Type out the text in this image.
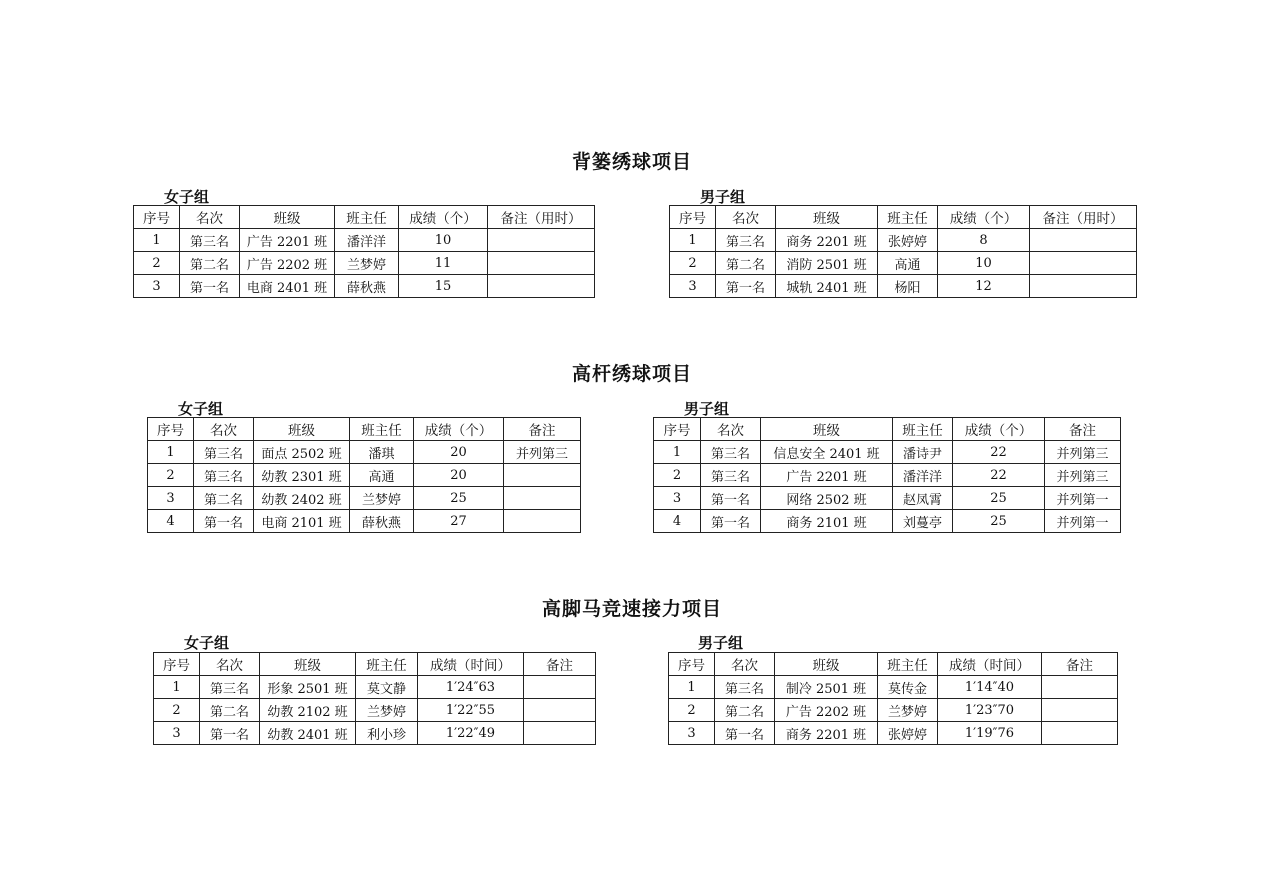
背篓绣球项目
女子组
序号	名次	班级	班主任	成绩（个）	备注（用时）
1	第三名	广告 2201 班	潘洋洋	10	
2	第二名	广告 2202 班	兰梦婷	11	
3	第一名	电商 2401 班	薛秋燕	15	
男子组
序号	名次	班级	班主任	成绩（个）	备注（用时）
1	第三名	商务 2201 班	张婷婷	8	
2	第二名	消防 2501 班	高通	10	
3	第一名	城轨 2401 班	杨阳	12	
高杆绣球项目
女子组
序号	名次	班级	班主任	成绩（个）	备注
1	第三名	面点 2502 班	潘琪	20	并列第三
2	第三名	幼教 2301 班	高通	20	
3	第二名	幼教 2402 班	兰梦婷	25	
4	第一名	电商 2101 班	薛秋燕	27	
男子组
序号	名次	班级	班主任	成绩（个）	备注
1	第三名	信息安全 2401 班	潘诗尹	22	并列第三
2	第三名	广告 2201 班	潘洋洋	22	并列第三
3	第一名	网络 2502 班	赵凤霄	25	并列第一
4	第一名	商务 2101 班	刘蔓亭	25	并列第一
高脚马竞速接力项目
女子组
序号	名次	班级	班主任	成绩（时间）	备注
1	第三名	形象 2501 班	莫文静	1′24″63	
2	第二名	幼教 2102 班	兰梦婷	1′22″55	
3	第一名	幼教 2401 班	利小珍	1′22″49	
男子组
序号	名次	班级	班主任	成绩（时间）	备注
1	第三名	制冷 2501 班	莫传金	1′14″40	
2	第二名	广告 2202 班	兰梦婷	1′23″70	
3	第一名	商务 2201 班	张婷婷	1′19″76	
